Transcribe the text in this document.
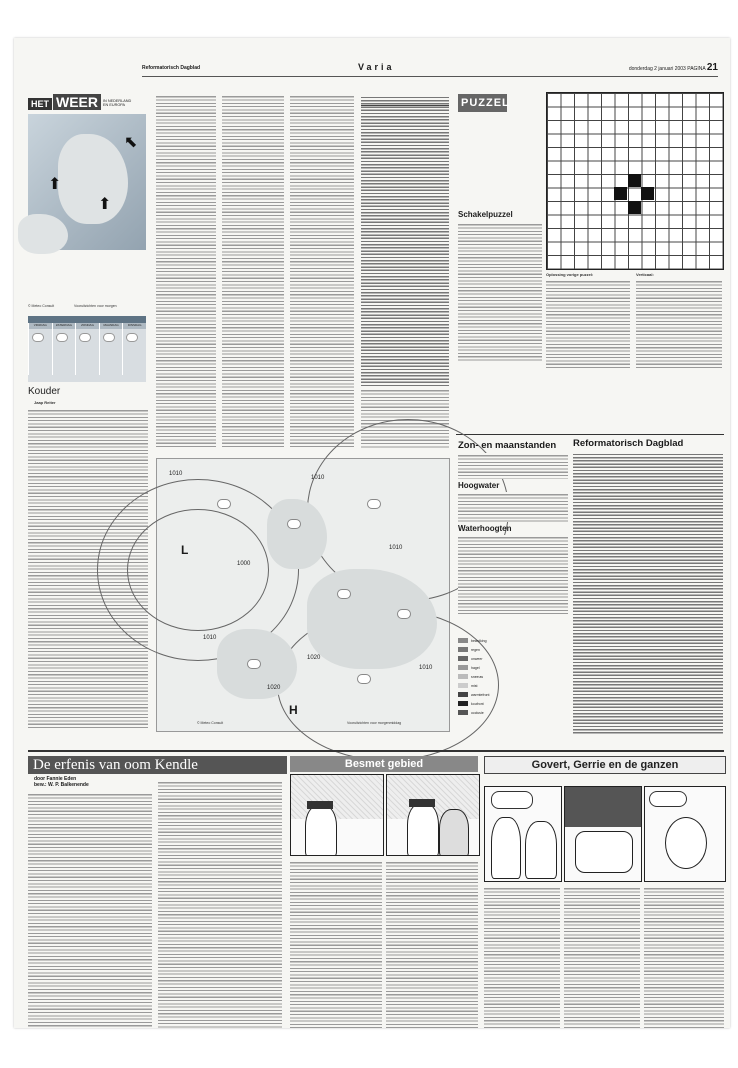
Reformatorisch Dagblad	Varia	donderdag 2 januari 2003 PAGINA 21
HET WEER IN NEDERLAND EN EUROPA
⬆
⬆
⬉
© Meteo Consult	Vooruitzichten voor morgen
VRIJDAG	ZATERDAG	ZONDAG	MAANDAG	DINSDAG
Kouder
Jaap Reiter
PUZZEL
Schakelpuzzel
Oplossing vorige puzzel:	Verticaal:
1010
1000
1010
1020
1010
1010
1020
1010
L
H
© Meteo Consult	Vooruitzichten voor morgenmiddag
Zon- en maanstanden
Hoogwater
Waterhoogten
bewolking
regen
onweer
hagel
sneeuw
mist
warmtefront
koufront
occlusie
Reformatorisch Dagblad
De erfenis van oom Kendle
door Fannie Eden
bew.: W. P. Balkenende
Besmet gebied	Govert, Gerrie en de ganzen
